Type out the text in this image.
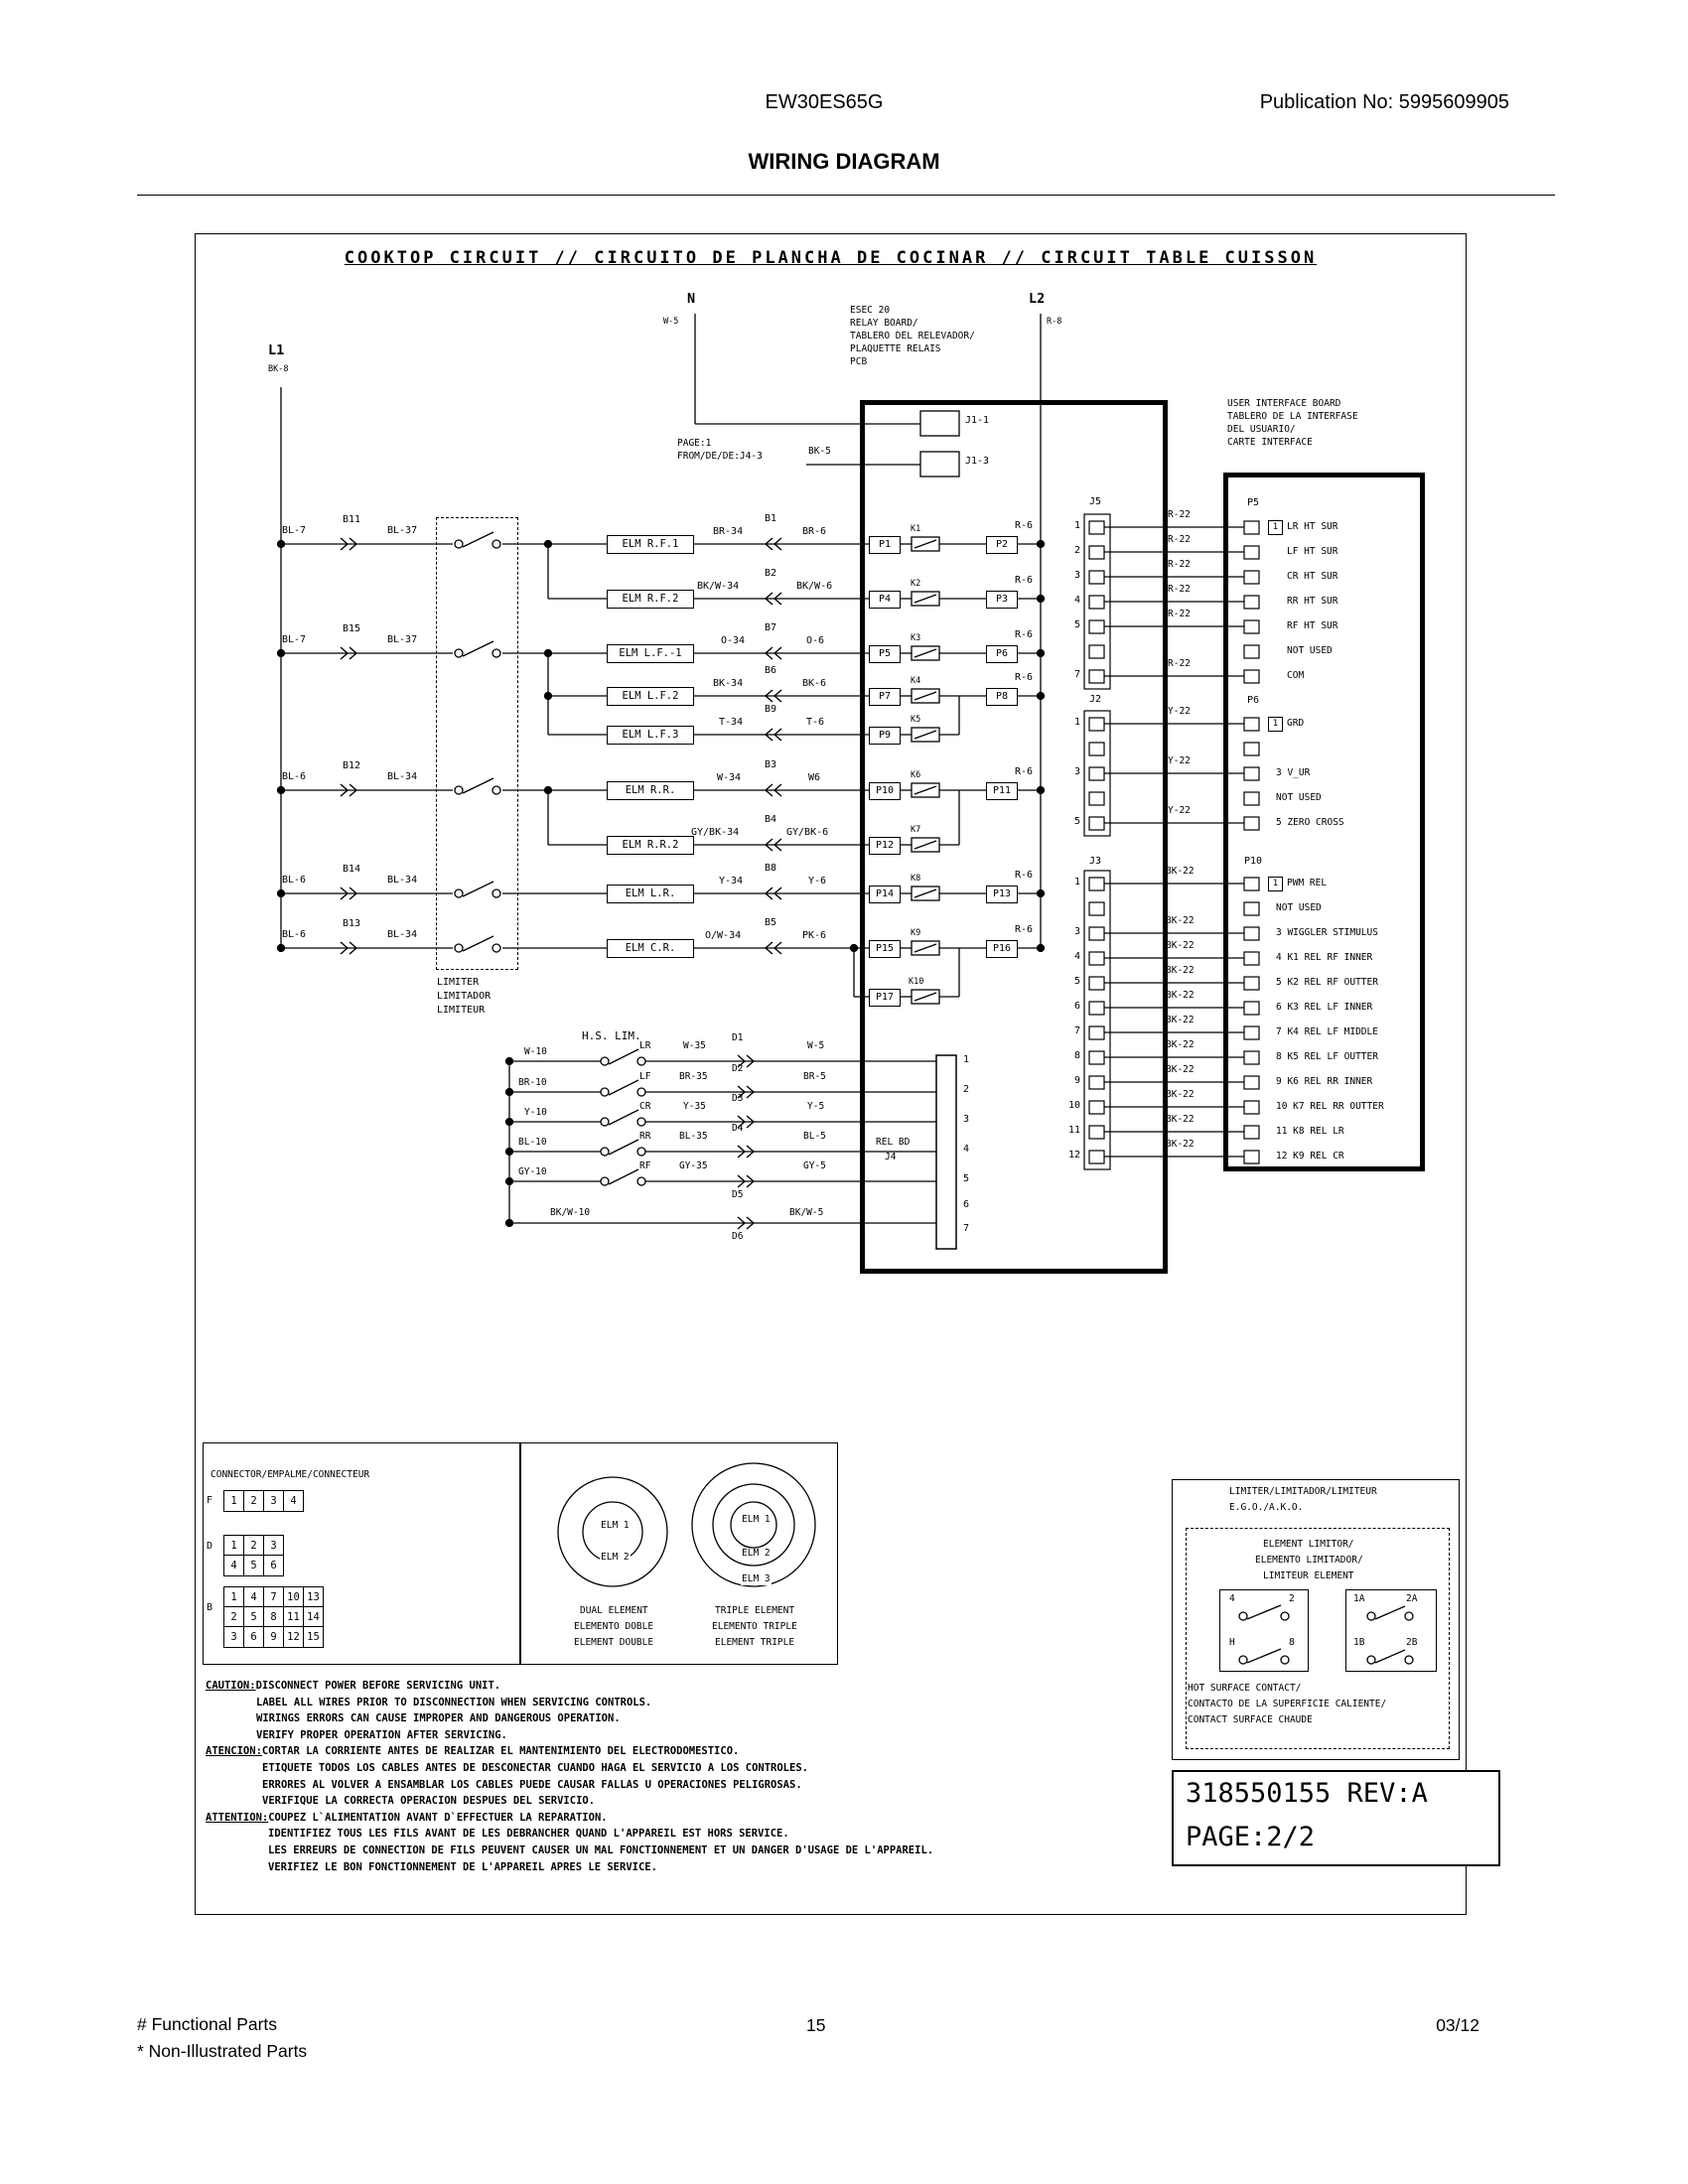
EW30ES65G	Publication No: 5995609905
WIRING DIAGRAM
COOKTOP CIRCUIT // CIRCUITO DE PLANCHA DE COCINAR // CIRCUIT TABLE CUISSON
L1
BK-8
N
W-5
L2
R-8
ESEC 20
RELAY BOARD/
TABLERO DEL RELEVADOR/
PLAQUETTE RELAIS
PCB
PAGE:1
FROM/DE/DE:J4-3	BK-5
J1-1
J1-3
USER INTERFACE BOARD
TABLERO DE LA INTERFASE
DEL USUARIO/
CARTE INTERFACE
BL-7
B11
BL-37
BL-7
B15
BL-37
BL-6
B12
BL-34
BL-6
B14
BL-34
BL-6
B13
BL-34
ELM R.F.1
ELM R.F.2
ELM L.F.-1
ELM L.F.2
ELM L.F.3
ELM R.R.
ELM R.R.2
ELM L.R.
ELM C.R.
BR-34
B1
BR-6
BK/W-34
B2
BK/W-6
O-34
B7
O-6
BK-34
B6
BK-6
T-34
B9
T-6
W-34
B3
W6
GY/BK-34
B4
GY/BK-6
Y-34
B8
Y-6
O/W-34
B5
PK-6
P1
P4
P5
P7
P9
P10
P12
P14
P15
P17
P2
P3
P6
P8
P11
P13
P16
K1
K2
K3
K4
K5
K6
K7
K8
K9
K10
R-6
R-6
R-6
R-6
R-6
R-6
R-6
J5
1
2
3
4
5
7
R-22
R-22
R-22
R-22
R-22
R-22
P5
1 LR HT SUR
LF HT SUR
CR HT SUR
RR HT SUR
RF HT SUR
NOT USED
COM
J2
1
3
5
Y-22
Y-22
Y-22
P6
1 GRD
3 V_UR
NOT USED
5 ZERO CROSS
J3
1
3
4
5
6
7
8
9
10
11
12
BK-22
BK-22
BK-22
BK-22
BK-22
BK-22
BK-22
BK-22
BK-22
BK-22
BK-22
P10
1 PWM REL
NOT USED
3 WIGGLER STIMULUS
4 K1 REL RF INNER
5 K2 REL RF OUTTER
6 K3 REL LF INNER
7 K4 REL LF MIDDLE
8 K5 REL LF OUTTER
9 K6 REL RR INNER
10 K7 REL RR OUTTER
11 K8 REL LR
12 K9 REL CR
LIMITER
LIMITADOR
LIMITEUR
H.S. LIM.
W-10
LR	W-35
D1
W-5
BR-10
LF	BR-35
D2
BR-5
Y-10
CR	Y-35
D3
Y-5
BL-10
RR	BL-35
D4
BL-5
GY-10
RF	GY-35	GY-5
D5
BK/W-10	BK/W-5
D6
REL BD
J4
1
2
3
4
5
6
7
CONNECTOR/EMPALME/CONNECTEUR
F	1	2	3	4
D	1	2	3
4	5	6
B
1	4	7	10 13
2	5	8	11 14
3	6	9	12 15
ELM 1
ELM 2
ELM 1
ELM 2
ELM 3
DUAL ELEMENT
ELEMENTO DOBLE
ELEMENT DOUBLE
TRIPLE ELEMENT
ELEMENTO TRIPLE
ELEMENT TRIPLE
LIMITER/LIMITADOR/LIMITEUR
E.G.O./A.K.O.
ELEMENT LIMITOR/
ELEMENTO LIMITADOR/
LIMITEUR ELEMENT
4	2
H	8
1A	2A
1B	2B
HOT SURFACE CONTACT/
CONTACTO DE LA SUPERFICIE CALIENTE/
CONTACT SURFACE CHAUDE
CAUTION:DISCONNECT POWER BEFORE SERVICING UNIT.
LABEL ALL WIRES PRIOR TO DISCONNECTION WHEN SERVICING CONTROLS.
WIRINGS ERRORS CAN CAUSE IMPROPER AND DANGEROUS OPERATION.
VERIFY PROPER OPERATION AFTER SERVICING.
ATENCION:CORTAR LA CORRIENTE ANTES DE REALIZAR EL MANTENIMIENTO DEL ELECTRODOMESTICO.
ETIQUETE TODOS LOS CABLES ANTES DE DESCONECTAR CUANDO HAGA EL SERVICIO A LOS CONTROLES.
ERRORES AL VOLVER A ENSAMBLAR LOS CABLES PUEDE CAUSAR FALLAS U OPERACIONES PELIGROSAS.
VERIFIQUE LA CORRECTA OPERACION DESPUES DEL SERVICIO.
ATTENTION:COUPEZ L`ALIMENTATION AVANT D`EFFECTUER LA REPARATION.
IDENTIFIEZ TOUS LES FILS AVANT DE LES DEBRANCHER QUAND L'APPAREIL EST HORS SERVICE.
LES ERREURS DE CONNECTION DE FILS PEUVENT CAUSER UN MAL FONCTIONNEMENT ET UN DANGER D'USAGE DE L'APPAREIL.
VERIFIEZ LE BON FONCTIONNEMENT DE L'APPAREIL APRES LE SERVICE.
318550155 REV:A
PAGE:2/2
# Functional Parts
* Non-Illustrated Parts
15	03/12
